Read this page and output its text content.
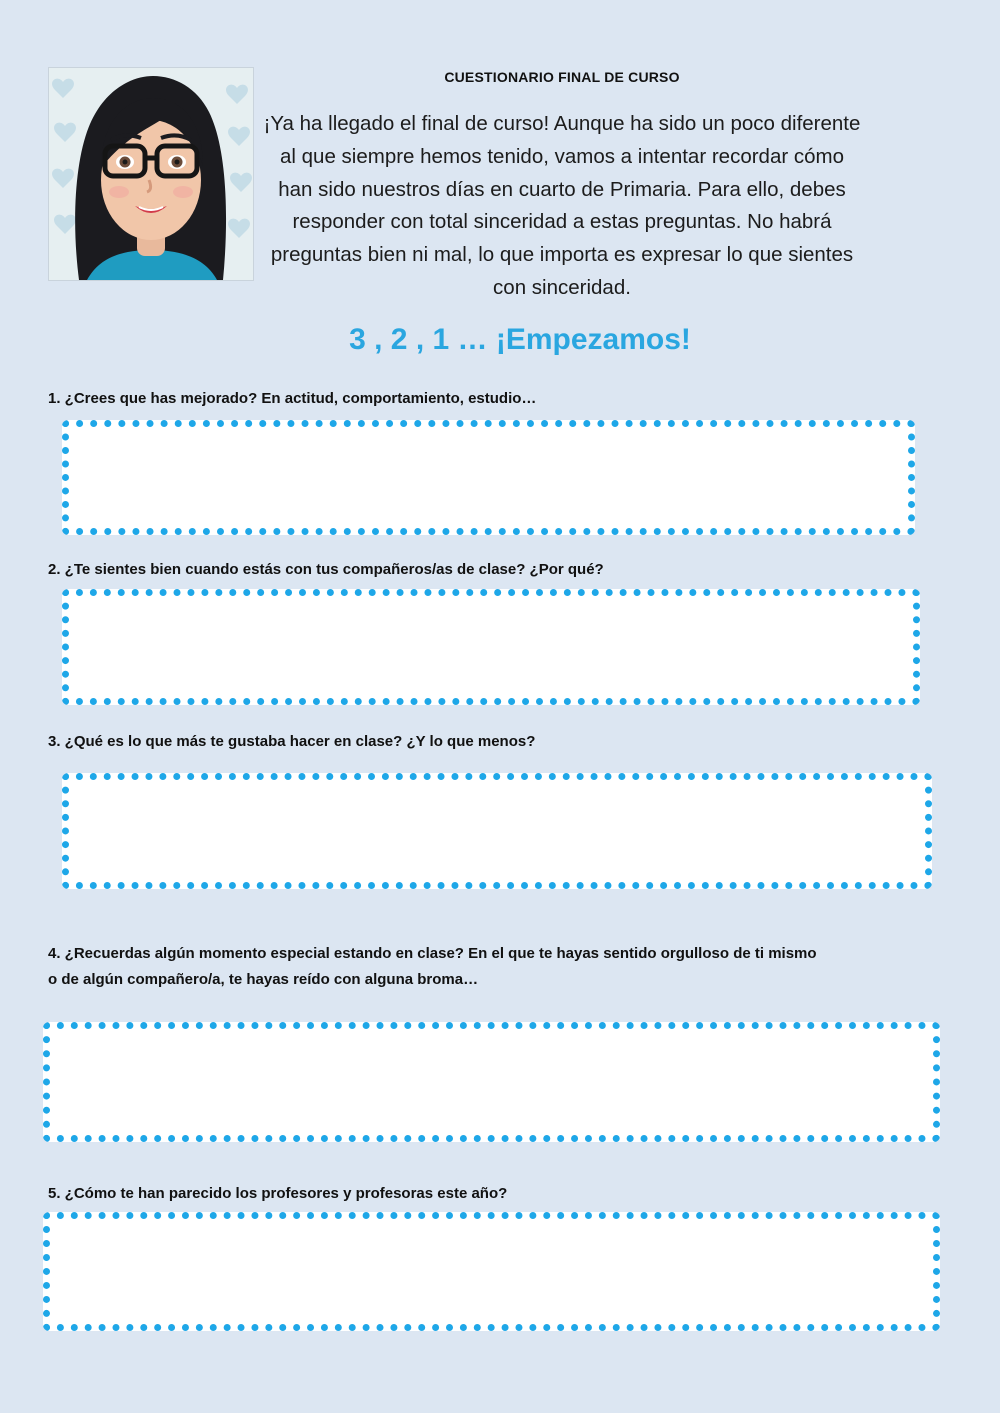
CUESTIONARIO FINAL DE CURSO
¡Ya ha llegado el final de curso! Aunque ha sido un poco diferente al que siempre hemos tenido, vamos a intentar recordar cómo han sido nuestros días en cuarto de Primaria. Para ello, debes responder con total sinceridad a estas preguntas. No habrá preguntas bien ni mal, lo que importa es expresar lo que sientes con sinceridad.
3 , 2 , 1 … ¡Empezamos!
1. ¿Crees que has mejorado? En actitud, comportamiento, estudio…
2. ¿Te sientes bien cuando estás con tus compañeros/as de clase? ¿Por qué?
3. ¿Qué es lo que más te gustaba hacer en clase? ¿Y lo que menos?
4. ¿Recuerdas algún momento especial estando en clase? En el que te hayas sentido orgulloso de ti mismo o de algún compañero/a, te hayas reído con alguna broma…
5. ¿Cómo te han parecido los profesores y profesoras este año?
